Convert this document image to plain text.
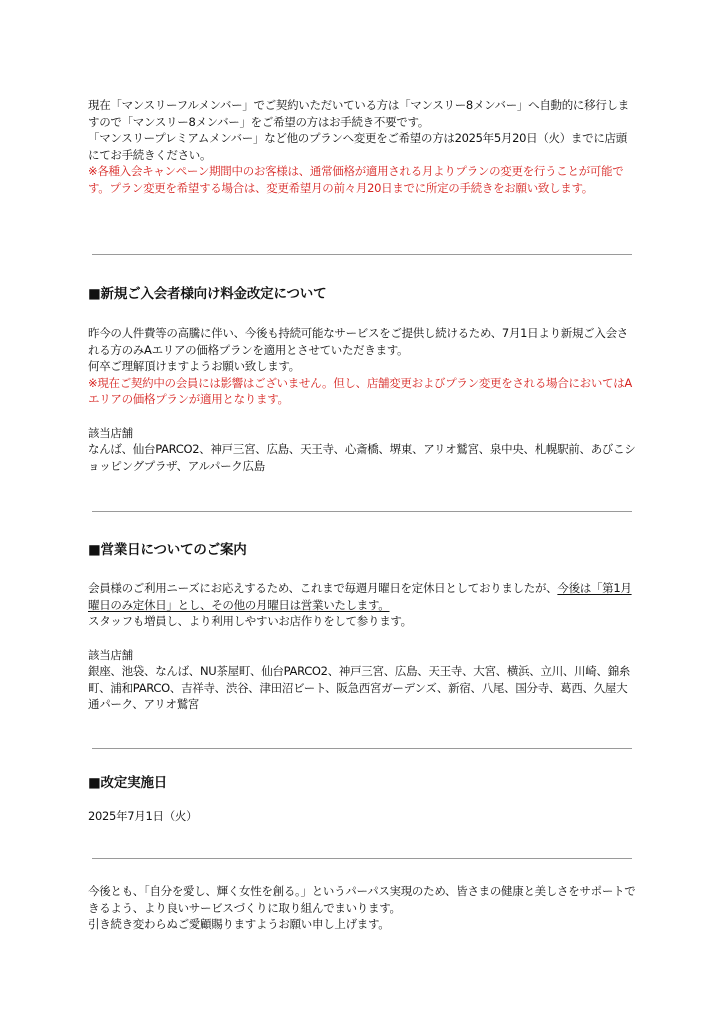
現在「マンスリーフルメンバー」でご契約いただいている方は「マンスリー8メンバー」へ自動的に移行しますので「マンスリー8メンバー」をご希望の方はお手続き不要です。

「マンスリープレミアムメンバー」など他のプランへ変更をご希望の方は2025年5月20日（火）までに店頭にてお手続きください。

※各種入会キャンペーン期間中のお客様は、通常価格が適用される月よりプランの変更を行うことが可能です。プラン変更を希望する場合は、変更希望月の前々月20日までに所定の手続きをお願い致します。

■新規ご入会者様向け料金改定について

昨今の人件費等の高騰に伴い、今後も持続可能なサービスをご提供し続けるため、7月1日より新規ご入会される方のみAエリアの価格プランを適用とさせていただきます。

何卒ご理解頂けますようお願い致します。

※現在ご契約中の会員には影響はございません。但し、店舗変更およびプラン変更をされる場合においてはAエリアの価格プランが適用となります。

該当店舗

なんば、仙台PARCO2、神戸三宮、広島、天王寺、心斎橋、堺東、アリオ鷲宮、泉中央、札幌駅前、あびこショッピングプラザ、アルパーク広島

■営業日についてのご案内

会員様のご利用ニーズにお応えするため、これまで毎週月曜日を定休日としておりましたが、今後は「第1月曜日のみ定休日」とし、その他の月曜日は営業いたします。

スタッフも増員し、より利用しやすいお店作りをして参ります。

該当店舗

銀座、池袋、なんば、NU茶屋町、仙台PARCO2、神戸三宮、広島、天王寺、大宮、横浜、立川、川崎、錦糸町、浦和PARCO、吉祥寺、渋谷、津田沼ビート、阪急西宮ガーデンズ、新宿、八尾、国分寺、葛西、久屋大通パーク、アリオ鷲宮

■改定実施日

2025年7月1日（火）

今後とも、「自分を愛し、輝く女性を創る。」というパーパス実現のため、皆さまの健康と美しさをサポートできるよう、より良いサービスづくりに取り組んでまいります。

引き続き変わらぬご愛顧賜りますようお願い申し上げます。
